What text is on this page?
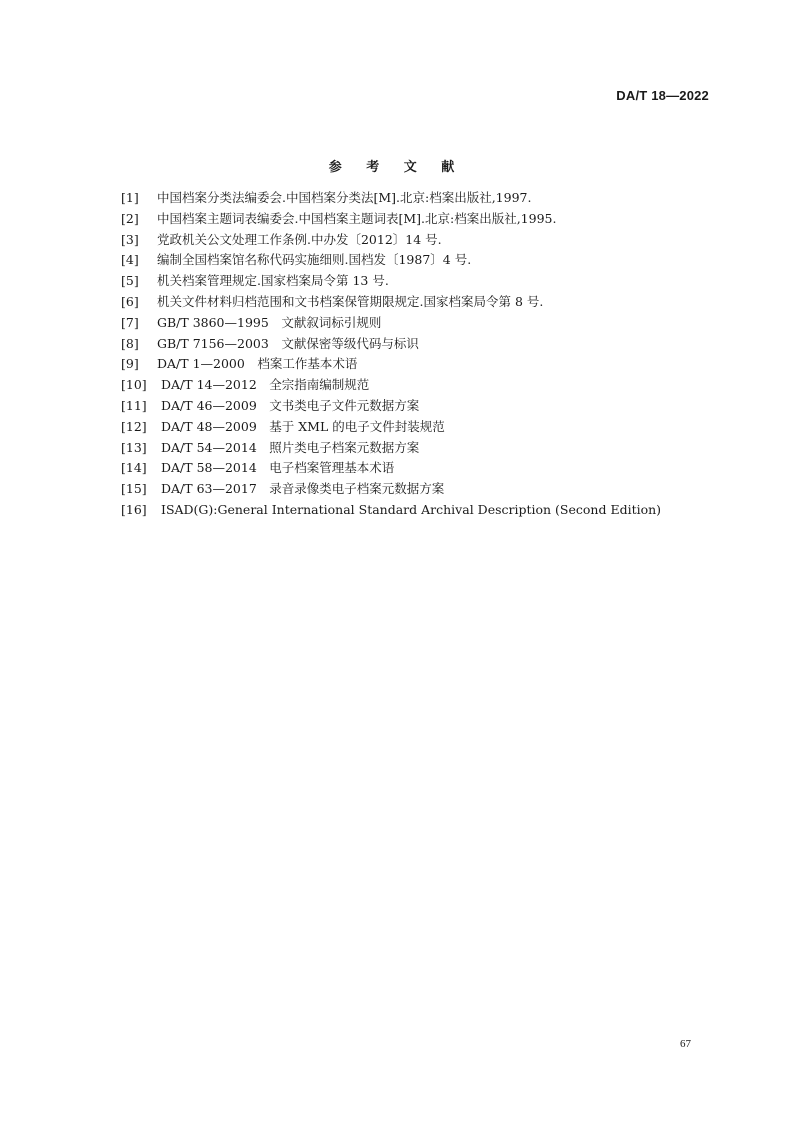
DA/T 18—2022
参 考 文 献
[1]	中国档案分类法编委会.中国档案分类法[M].北京:档案出版社,1997.
[2]	中国档案主题词表编委会.中国档案主题词表[M].北京:档案出版社,1995.
[3]	党政机关公文处理工作条例.中办发〔2012〕14 号.
[4]	编制全国档案馆名称代码实施细则.国档发〔1987〕4 号.
[5]	机关档案管理规定.国家档案局令第 13 号.
[6]	机关文件材料归档范围和文书档案保管期限规定.国家档案局令第 8 号.
[7]	GB/T 3860—1995　文献叙词标引规则
[8]	GB/T 7156—2003　文献保密等级代码与标识
[9]	DA/T 1—2000　档案工作基本术语
[10]	DA/T 14—2012　全宗指南编制规范
[11]	DA/T 46—2009　文书类电子文件元数据方案
[12]	DA/T 48—2009　基于 XML 的电子文件封装规范
[13]	DA/T 54—2014　照片类电子档案元数据方案
[14]	DA/T 58—2014　电子档案管理基本术语
[15]	DA/T 63—2017　录音录像类电子档案元数据方案
[16]	ISAD(G):General International Standard Archival Description (Second Edition)
67
